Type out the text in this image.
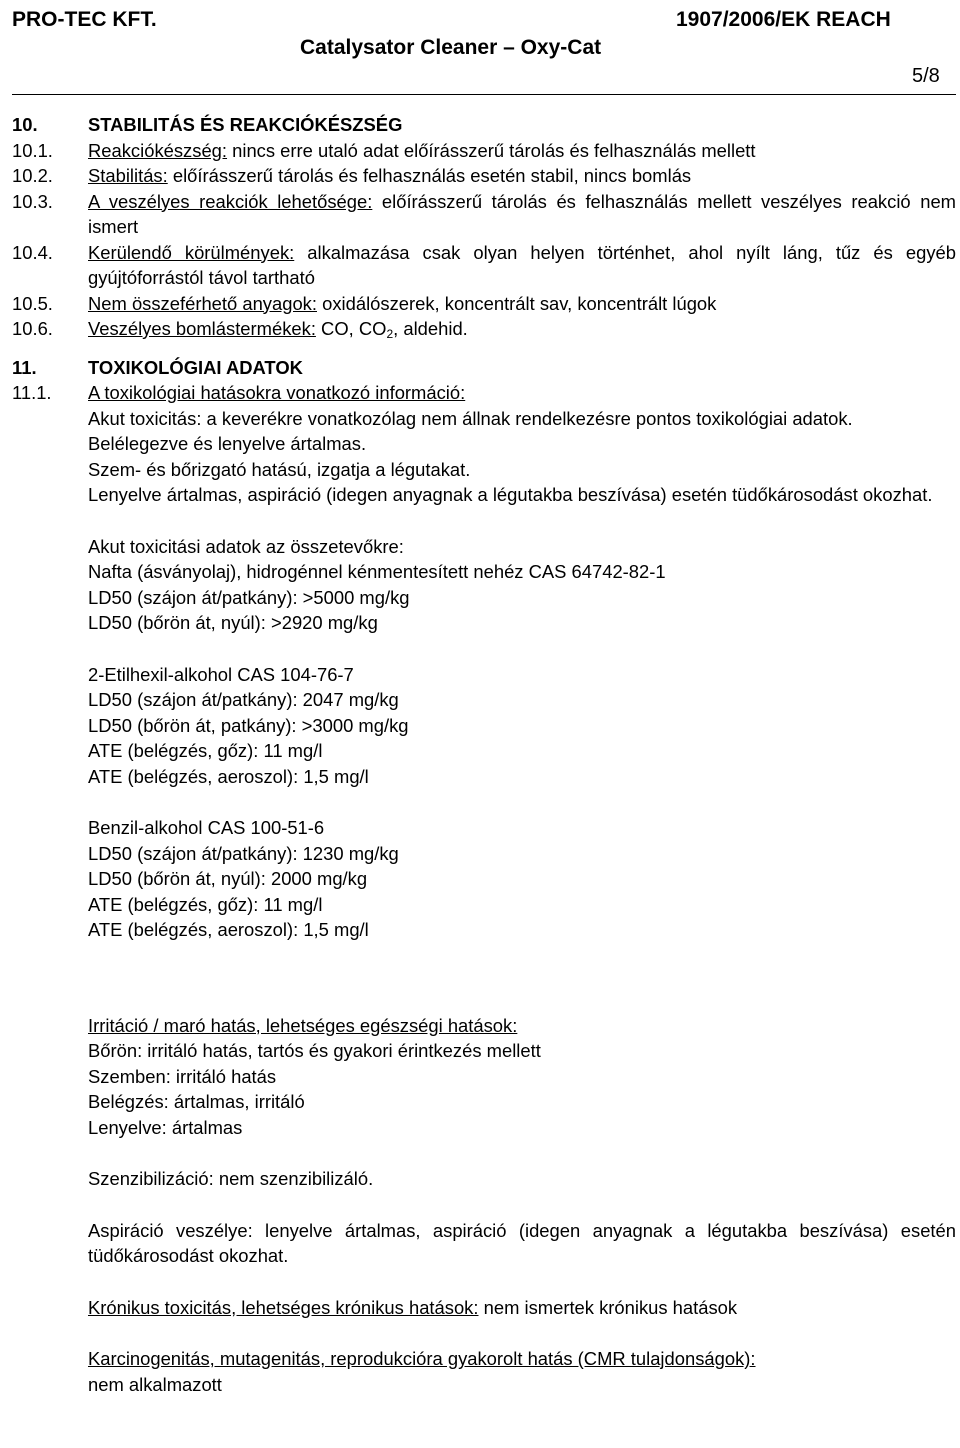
PRO-TEC KFT.	1907/2006/EK REACH
Catalysator Cleaner – Oxy-Cat
5/8
10.	STABILITÁS ÉS REAKCIÓKÉSZSÉG
10.1. Reakciókészség: nincs erre utaló adat előírásszerű tárolás és felhasználás mellett
10.2. Stabilitás: előírásszerű tárolás és felhasználás esetén stabil, nincs bomlás
10.3. A veszélyes reakciók lehetősége: előírásszerű tárolás és felhasználás mellett veszélyes reakció nem ismert
10.4. Kerülendő körülmények: alkalmazása csak olyan helyen történhet, ahol nyílt láng, tűz és egyéb gyújtóforrástól távol tartható
10.5. Nem összeférhető anyagok: oxidálószerek, koncentrált sav, koncentrált lúgok
10.6. Veszélyes bomlástermékek: CO, $CO_2$, aldehid.
11.	TOXIKOLÓGIAI ADATOK
11.1. A toxikológiai hatásokra vonatkozó információ:
Akut toxicitás: a keverékre vonatkozólag nem állnak rendelkezésre pontos toxikológiai adatok.
Belélegezve és lenyelve ártalmas.
Szem- és bőrizgató hatású, izgatja a légutakat.
Lenyelve ártalmas, aspiráció (idegen anyagnak a légutakba beszívása) esetén tüdőkárosodást okozhat.
Akut toxicitási adatok az összetevőkre:
Nafta (ásványolaj), hidrogénnel kénmentesített nehéz CAS 64742-82-1
LD50 (szájon át/patkány): >5000 mg/kg
LD50 (bőrön át, nyúl): >2920 mg/kg
2-Etilhexil-alkohol CAS 104-76-7
LD50 (szájon át/patkány): 2047 mg/kg
LD50 (bőrön át, patkány): >3000 mg/kg
ATE (belégzés, gőz): 11 mg/l
ATE (belégzés, aeroszol): 1,5 mg/l
Benzil-alkohol CAS 100-51-6
LD50 (szájon át/patkány): 1230 mg/kg
LD50 (bőrön át, nyúl): 2000 mg/kg
ATE (belégzés, gőz): 11 mg/l
ATE (belégzés, aeroszol): 1,5 mg/l
Irritáció / maró hatás, lehetséges egészségi hatások:
Bőrön: irritáló hatás, tartós és gyakori érintkezés mellett
Szemben: irritáló hatás
Belégzés: ártalmas, irritáló
Lenyelve: ártalmas
Szenzibilizáció: nem szenzibilizáló.
Aspiráció veszélye: lenyelve ártalmas, aspiráció (idegen anyagnak a légutakba beszívása) esetén tüdőkárosodást okozhat.
Krónikus toxicitás, lehetséges krónikus hatások: nem ismertek krónikus hatások
Karcinogenitás, mutagenitás, reprodukcióra gyakorolt hatás (CMR tulajdonságok):
nem alkalmazott
